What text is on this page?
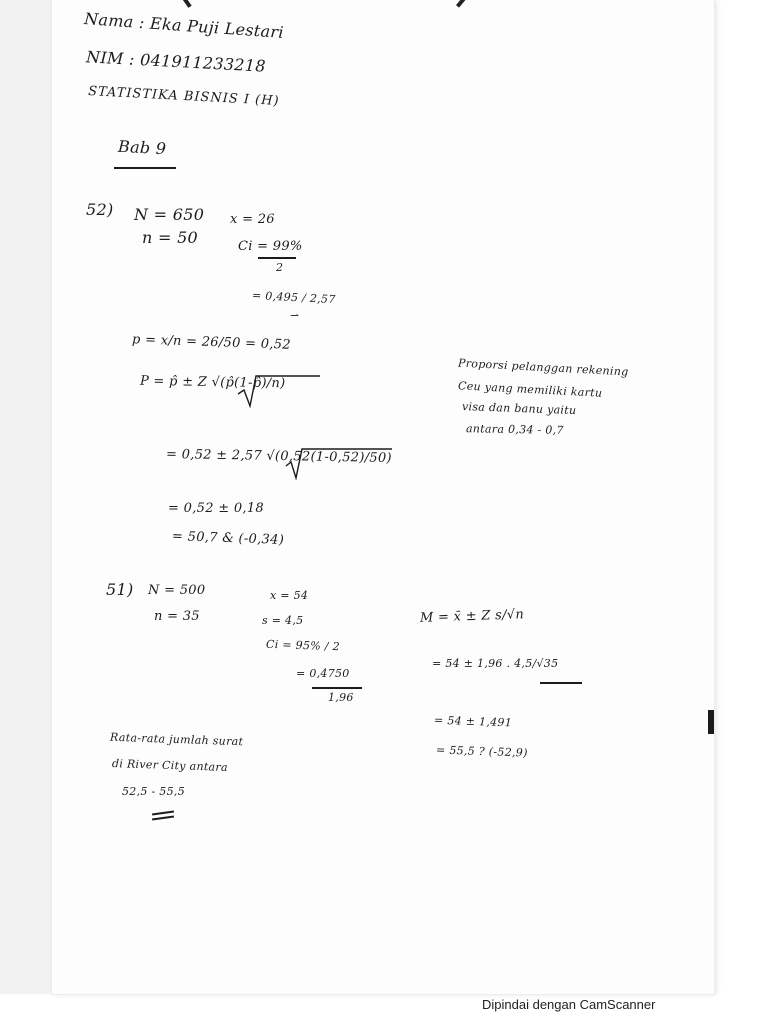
Nama : Eka Puji Lestari
NIM : 041911233218
STATISTIKA BISNIS I (H)
Bab 9
52) N = 650
n = 50
x = 26
Ci = 99%
2
= 0,495 / 2,57
⇀
p = x/n = 26/50 = 0,52
P = p̂ ± Z √(p̂(1-p̂)/n)
= 0,52 ± 2,57 √(0,52(1-0,52)/50)
= 0,52 ± 0,18
= 50,7 & (-0,34)
Proporsi pelanggan rekening
Ceu yang memiliki kartu
visa dan banu yaitu
antara 0,34 - 0,7
51) N = 500
n = 35
x = 54
s = 4,5
Ci = 95% / 2
= 0,4750
1,96
M = x̄ ± Z s/√n
= 54 ± 1,96 . 4,5/√35
= 54 ± 1,491
= 55,5 ? (-52,9)
Rata-rata jumlah surat
di River City antara
52,5 - 55,5
Dipindai dengan CamScanner
